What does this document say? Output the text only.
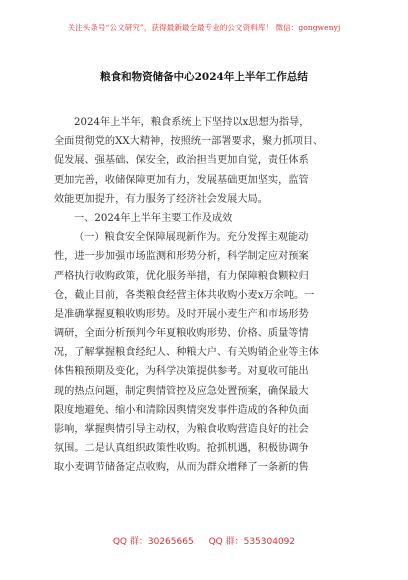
关注头条号“公文研究”，获得最新最全最专业的公文资料库！ 微信：gongwenyj
粮食和物资储备中心2024年上半年工作总结
2024年上半年，粮食系统上下坚持以x思想为指导，
全面贯彻党的XX大精神，按照统一部署要求，聚力抓项目、
促发展、强基础、保安全，政治担当更加自觉，责任体系
更加完善，收储保障更加有力，发展基础更加坚实，监管
效能更加提升，有力服务了经济社会发展大局。
一、2024年上半年主要工作及成效
（一）粮食安全保障展现新作为。充分发挥主观能动
性，进一步加强市场监测和形势分析，科学制定应对预案
严格执行收购政策，优化服务举措，有力保障粮食颗粒归
仓，截止目前，各类粮食经营主体共收购小麦x万余吨。一
是准确掌握夏粮收购形势。及时开展小麦生产和市场形势
调研，全面分析预判今年夏粮收购形势、价格、质量等情
况，了解掌握粮食经纪人、种粮大户、有关购销企业等主体
体售粮预期及变化，为科学决策提供参考。对夏收可能出
现的热点问题，制定舆情管控及应急处置预案，确保最大
限度地避免、缩小和清除因舆情突发事件造成的各种负面
影响，掌握舆情引导主动权，为粮食收购营造良好的社会
氛围。二是认真组织政策性收购。抢抓机遇，积极协调争
取小麦调节储备定点收购，从而为群众增释了一条新的售
QQ 群：30265665 QQ 群：535304092
